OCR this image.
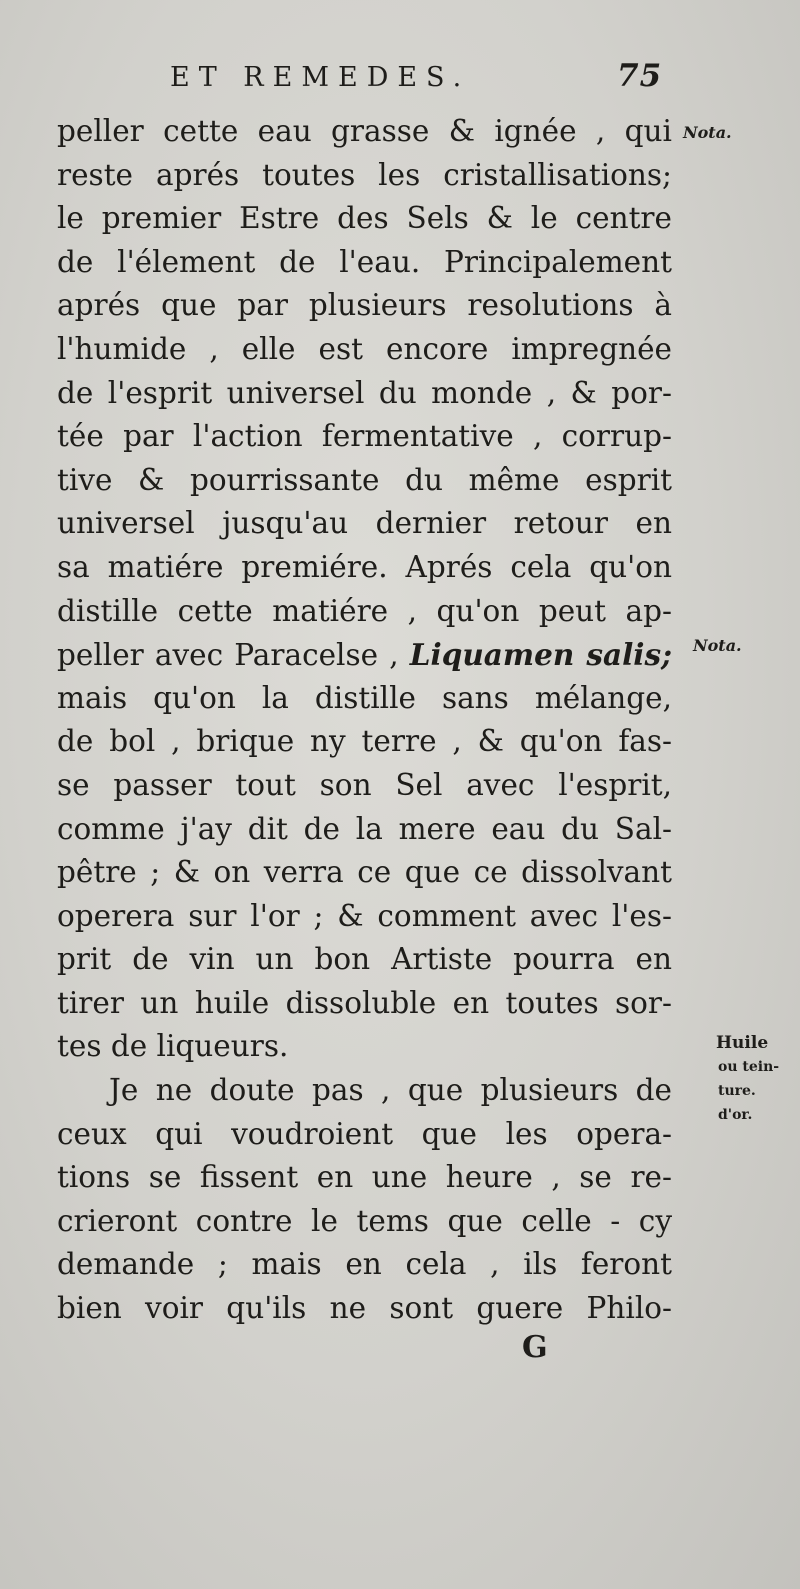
ET REMEDES.	75
Nota.
Nota.
Huile
ou tein-
ture.
d'or.
peller cette eau grasse & ignée , qui
reste aprés toutes les cristallisations;
le premier Estre des Sels & le centre
de l'élement de l'eau. Principalement
aprés que par plusieurs resolutions à
l'humide , elle est encore impregnée
de l'esprit universel du monde , & por-
tée par l'action fermentative , corrup-
tive & pourrissante du même esprit
universel jusqu'au dernier retour en
sa matiére premiére. Aprés cela qu'on
distille cette matiére , qu'on peut ap-
peller avec Paracelse , Liquamen salis;
mais qu'on la distille sans mélange,
de bol , brique ny terre , & qu'on fas-
se passer tout son Sel avec l'esprit,
comme j'ay dit de la mere eau du Sal-
pêtre ; & on verra ce que ce dissolvant
operera sur l'or ; & comment avec l'es-
prit de vin un bon Artiste pourra en
tirer un huile dissoluble en toutes sor-
tes de liqueurs.
Je ne doute pas , que plusieurs de
ceux qui voudroient que les opera-
tions se fissent en une heure , se re-
crieront contre le tems que celle - cy
demande ; mais en cela , ils feront
bien voir qu'ils ne sont guere Philo-
G
